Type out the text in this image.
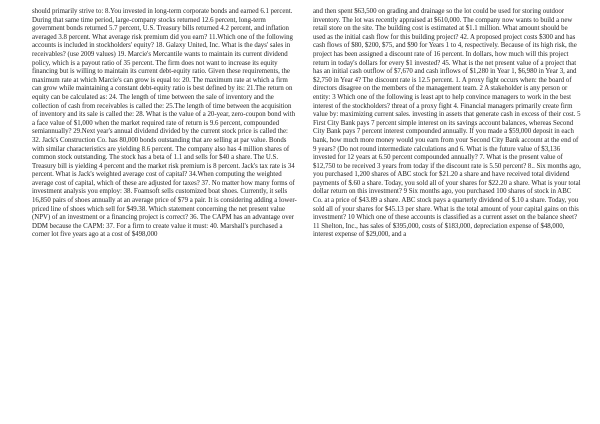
should primarily strive to: 8.You invested in long-term corporate bonds and earned 6.1 percent. During that same time period, large-company stocks returned 12.6 percent, long-term government bonds returned 5.7 percent, U.S. Treasury bills returned 4.2 percent, and inflation averaged 3.8 percent. What average risk premium did you earn? 11.Which one of the following accounts is included in stockholders' equity? 18. Galaxy United, Inc. What is the days' sales in receivables? (use 2009 values) 19. Marcie's Mercantile wants to maintain its current dividend policy, which is a payout ratio of 35 percent. The firm does not want to increase its equity financing but is willing to maintain its current debt-equity ratio. Given these requirements, the maximum rate at which Marcie's can grow is equal to: 20. The maximum rate at which a firm can grow while maintaining a constant debt-equity ratio is best defined by its: 21.The return on equity can be calculated as: 24. The length of time between the sale of inventory and the collection of cash from receivables is called the: 25.The length of time between the acquisition of inventory and its sale is called the: 28. What is the value of a 20-year, zero-coupon bond with a face value of $1,000 when the market required rate of return is 9.6 percent, compounded semiannually? 29.Next year's annual dividend divided by the current stock price is called the: 32. Jack's Construction Co. has 80,000 bonds outstanding that are selling at par value. Bonds with similar characteristics are yielding 8.6 percent. The company also has 4 million shares of common stock outstanding. The stock has a beta of 1.1 and sells for $40 a share. The U.S. Treasury bill is yielding 4 percent and the market risk premium is 8 percent. Jack's tax rate is 34 percent. What is Jack's weighted average cost of capital? 34.When computing the weighted average cost of capital, which of these are adjusted for taxes? 37. No matter how many forms of investment analysis you employ: 38. Foamsoft sells customized boat shoes. Currently, it sells 16,850 pairs of shoes annually at an average price of $79 a pair. It is considering adding a lower-priced line of shoes which sell for $49.38. Which statement concerning the net present value (NPV) of an investment or a financing project is correct? 36. The CAPM has an advantage over DDM because the CAPM: 37. For a firm to create value it must: 40. Marshall's purchased a corner lot five years ago at a cost of $498,000

and then spent $63,500 on grading and drainage so the lot could be used for storing outdoor inventory. The lot was recently appraised at $610,000. The company now wants to build a new retail store on the site. The building cost is estimated at $1.1 million. What amount should be used as the initial cash flow for this building project? 42. A proposed project costs $300 and has cash flows of $80, $200, $75, and $90 for Years 1 to 4, respectively. Because of its high risk, the project has been assigned a discount rate of 16 percent. In dollars, how much will this project return in today's dollars for every $1 invested? 45. What is the net present value of a project that has an initial cash outflow of $7,670 and cash inflows of $1,280 in Year 1, $6,980 in Year 3, and $2,750 in Year 4? The discount rate is 12.5 percent. 1. A proxy fight occurs when: the board of directors disagree on the members of the management team. 2 A stakeholder is any person or entity: 3 Which one of the following is least apt to help convince managers to work in the best interest of the stockholders? threat of a proxy fight 4. Financial managers primarily create firm value by: maximizing current sales. investing in assets that generate cash in excess of their cost. 5 First City Bank pays 7 percent simple interest on its savings account balances, whereas Second City Bank pays 7 percent interest compounded annually. If you made a $59,000 deposit in each bank, how much more money would you earn from your Second City Bank account at the end of 9 years? (Do not round intermediate calculations and 6. What is the future value of $3,136 invested for 12 years at 6.50 percent compounded annually? 7. What is the present value of $12,750 to be received 3 years from today if the discount rate is 5.50 percent? 8.. Six months ago, you purchased 1,200 shares of ABC stock for $21.20 a share and have received total dividend payments of $.60 a share. Today, you sold all of your shares for $22.20 a share. What is your total dollar return on this investment? 9 Six months ago, you purchased 100 shares of stock in ABC Co. at a price of $43.89 a share. ABC stock pays a quarterly dividend of $.10 a share. Today, you sold all of your shares for $45.13 per share. What is the total amount of your capital gains on this investment? 10 Which one of these accounts is classified as a current asset on the balance sheet? 11 Shelton, Inc., has sales of $395,000, costs of $183,000, depreciation expense of $48,000, interest expense of $29,000, and a
